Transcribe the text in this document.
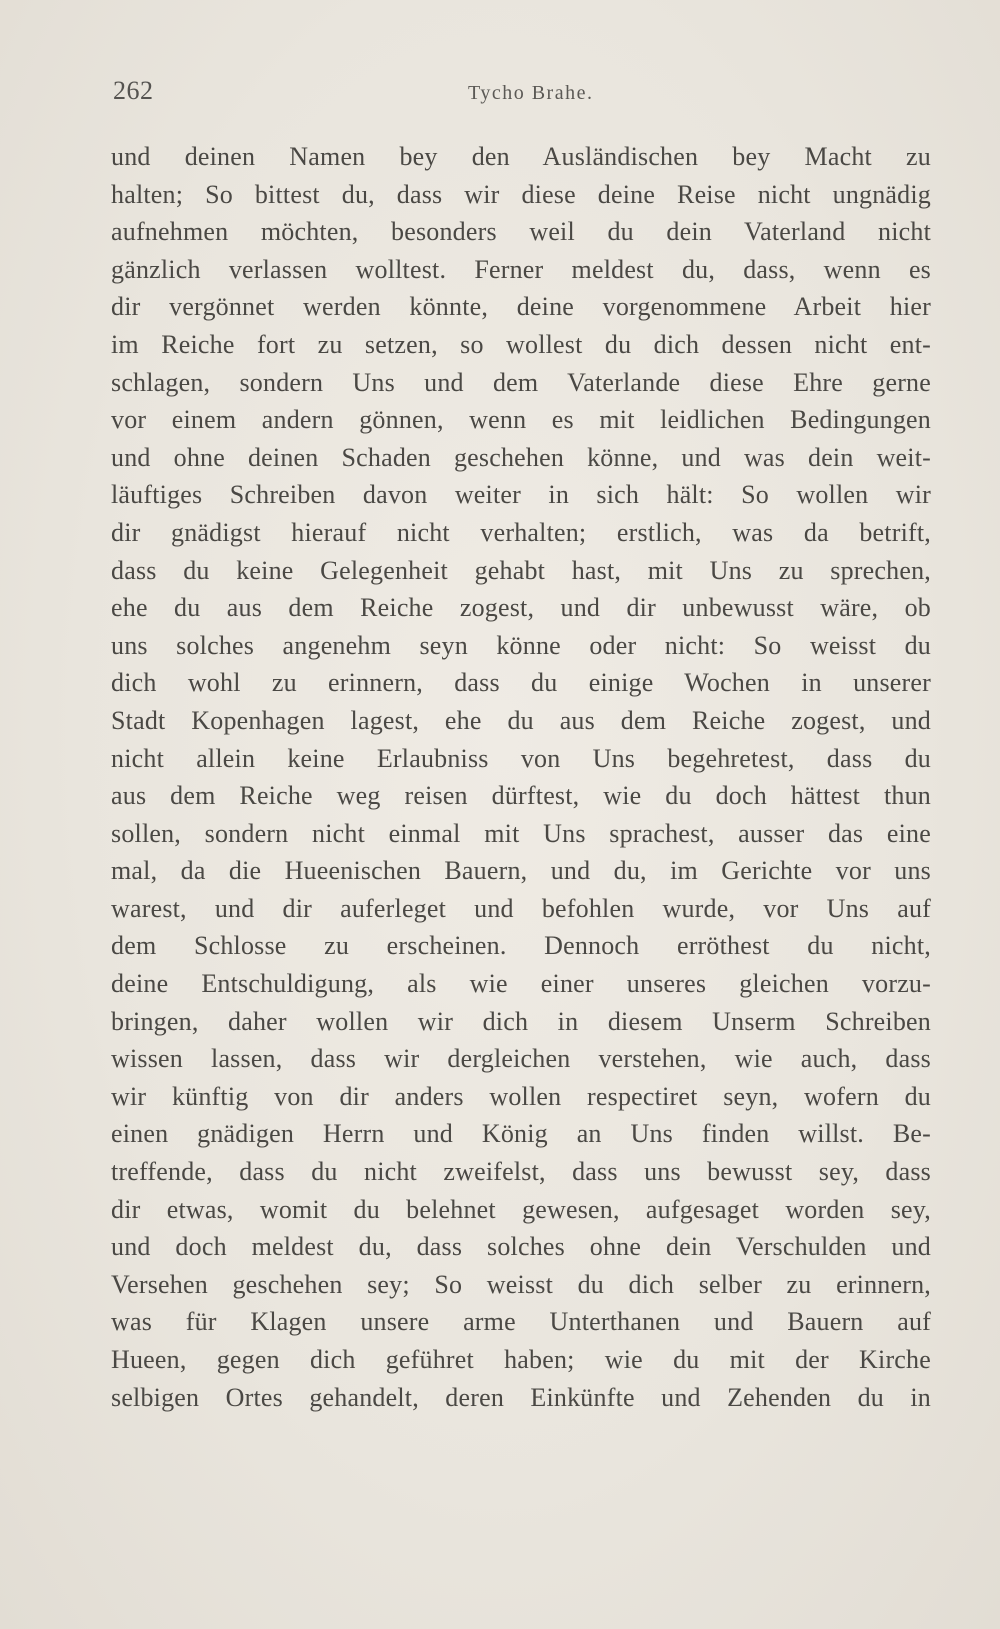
262	Tycho Brahe.
und deinen Namen bey den Ausländischen bey Macht zu
halten; So bittest du, dass wir diese deine Reise nicht ungnädig
aufnehmen möchten, besonders weil du dein Vaterland nicht
gänzlich verlassen wolltest. Ferner meldest du, dass, wenn es
dir vergönnet werden könnte, deine vorgenommene Arbeit hier
im Reiche fort zu setzen, so wollest du dich dessen nicht ent-
schlagen, sondern Uns und dem Vaterlande diese Ehre gerne
vor einem andern gönnen, wenn es mit leidlichen Bedingungen
und ohne deinen Schaden geschehen könne, und was dein weit-
läuftiges Schreiben davon weiter in sich hält: So wollen wir
dir gnädigst hierauf nicht verhalten; erstlich, was da betrift,
dass du keine Gelegenheit gehabt hast, mit Uns zu sprechen,
ehe du aus dem Reiche zogest, und dir unbewusst wäre, ob
uns solches angenehm seyn könne oder nicht: So weisst du
dich wohl zu erinnern, dass du einige Wochen in unserer
Stadt Kopenhagen lagest, ehe du aus dem Reiche zogest, und
nicht allein keine Erlaubniss von Uns begehretest, dass du
aus dem Reiche weg reisen dürftest, wie du doch hättest thun
sollen, sondern nicht einmal mit Uns sprachest, ausser das eine
mal, da die Hueenischen Bauern, und du, im Gerichte vor uns
warest, und dir auferleget und befohlen wurde, vor Uns auf
dem Schlosse zu erscheinen. Dennoch erröthest du nicht,
deine Entschuldigung, als wie einer unseres gleichen vorzu-
bringen, daher wollen wir dich in diesem Unserm Schreiben
wissen lassen, dass wir dergleichen verstehen, wie auch, dass
wir künftig von dir anders wollen respectiret seyn, wofern du
einen gnädigen Herrn und König an Uns finden willst. Be-
treffende, dass du nicht zweifelst, dass uns bewusst sey, dass
dir etwas, womit du belehnet gewesen, aufgesaget worden sey,
und doch meldest du, dass solches ohne dein Verschulden und
Versehen geschehen sey; So weisst du dich selber zu erinnern,
was für Klagen unsere arme Unterthanen und Bauern auf
Hueen, gegen dich geführet haben; wie du mit der Kirche
selbigen Ortes gehandelt, deren Einkünfte und Zehenden du in
